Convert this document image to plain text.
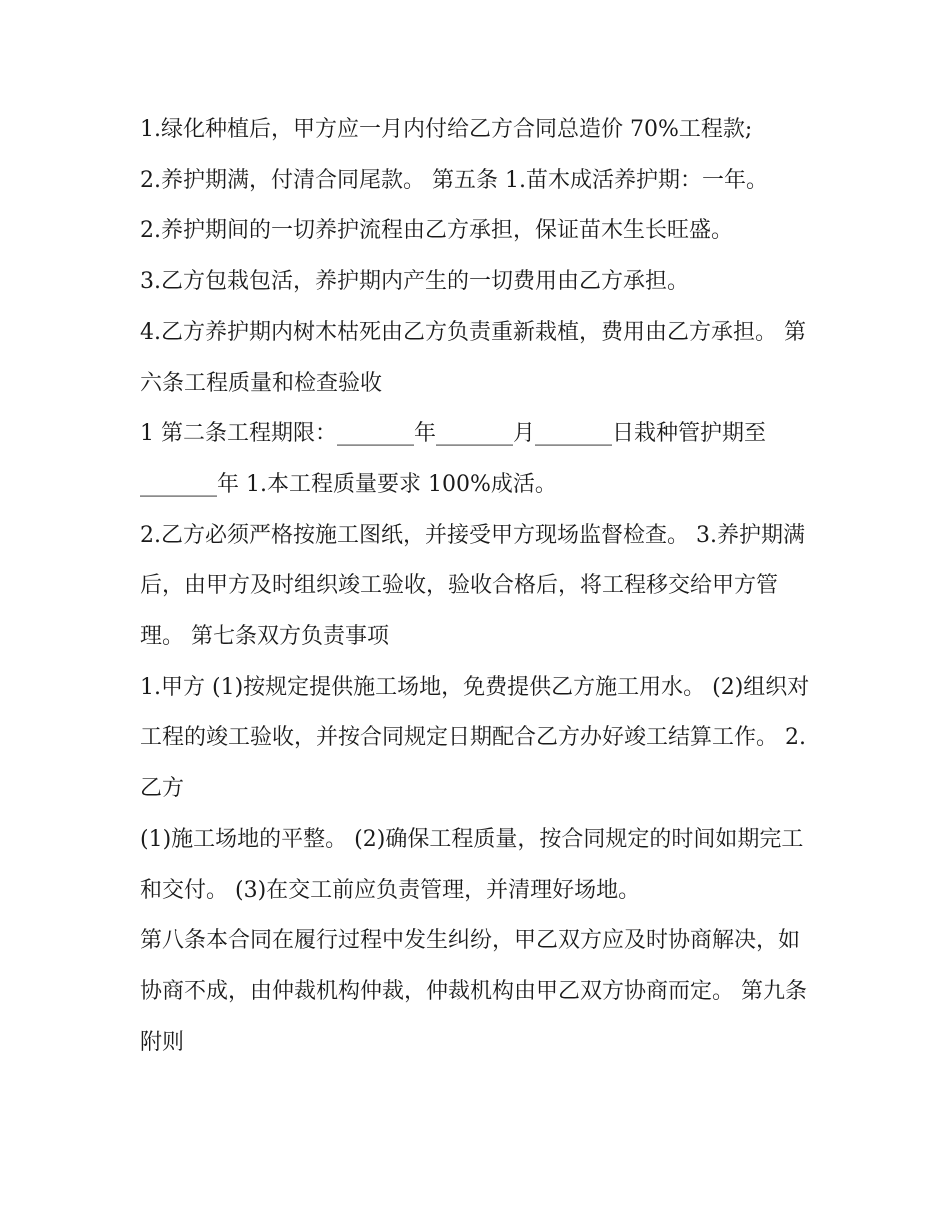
1.绿化种植后，甲方应一月内付给乙方合同总造价 70%工程款;

2.养护期满，付清合同尾款。 第五条 1.苗木成活养护期：一年。

2.养护期间的一切养护流程由乙方承担，保证苗木生长旺盛。

3.乙方包栽包活，养护期内产生的一切费用由乙方承担。

4.乙方养护期内树木枯死由乙方负责重新栽植，费用由乙方承担。 第六条工程质量和检查验收

1 第二条工程期限：_______年_______月_______日栽种管护期至_______年 1.本工程质量要求 100%成活。

2.乙方必须严格按施工图纸，并接受甲方现场监督检查。 3.养护期满后，由甲方及时组织竣工验收，验收合格后，将工程移交给甲方管理。 第七条双方负责事项

1.甲方 (1)按规定提供施工场地，免费提供乙方施工用水。 (2)组织对工程的竣工验收，并按合同规定日期配合乙方办好竣工结算工作。 2.乙方

(1)施工场地的平整。 (2)确保工程质量，按合同规定的时间如期完工和交付。 (3)在交工前应负责管理，并清理好场地。

第八条本合同在履行过程中发生纠纷，甲乙双方应及时协商解决，如协商不成，由仲裁机构仲裁，仲裁机构由甲乙双方协商而定。 第九条附则
